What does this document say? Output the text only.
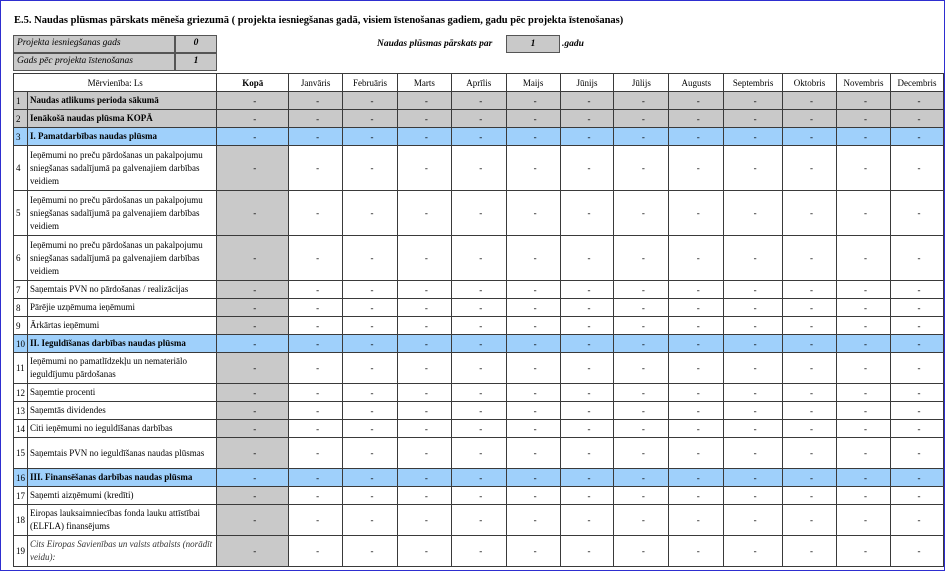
E.5. Naudas plūsmas pārskats mēneša griezumā ( projekta iesniegšanas gadā, visiem īstenošanas gadiem, gadu pēc projekta īstenošanas)
Projekta iesniegšanas gads	0
Gads pēc projekta īstenošanas	1
Naudas plūsmas pārskats par	1	.gadu
Mērvienība: Ls		Kopā	Janvāris	Februāris	Marts	Aprīlis	Maijs	Jūnijs	Jūlijs	Augusts	Septembris	Oktobris	Novembris	Decembris
1	Naudas atlikums perioda sākumā	-	-	-	-	-	-	-	-	-	-	-	-	-
2	Ienākošā naudas plūsma KOPĀ	-	-	-	-	-	-	-	-	-	-	-	-	-
3	I. Pamatdarbības naudas plūsma	-	-	-	-	-	-	-	-	-	-	-	-	-
4	Ieņēmumi no preču pārdošanas un pakalpojumu sniegšanas sadalījumā pa galvenajiem darbības veidiem	-	-	-	-	-	-	-	-	-	-	-	-	-
5	Ieņēmumi no preču pārdošanas un pakalpojumu sniegšanas sadalījumā pa galvenajiem darbības veidiem	-	-	-	-	-	-	-	-	-	-	-	-	-
6	Ieņēmumi no preču pārdošanas un pakalpojumu sniegšanas sadalījumā pa galvenajiem darbības veidiem	-	-	-	-	-	-	-	-	-	-	-	-	-
7	Saņemtais PVN no pārdošanas / realizācijas	-	-	-	-	-	-	-	-	-	-	-	-	-
8	Pārējie uzņēmuma ieņēmumi	-	-	-	-	-	-	-	-	-	-	-	-	-
9	Ārkārtas ieņēmumi	-	-	-	-	-	-	-	-	-	-	-	-	-
10	II. Ieguldīšanas darbības naudas plūsma	-	-	-	-	-	-	-	-	-	-	-	-	-
11	Ieņēmumi no pamatlīdzekļu un nemateriālo ieguldījumu pārdošanas	-	-	-	-	-	-	-	-	-	-	-	-	-
12	Saņemtie procenti	-	-	-	-	-	-	-	-	-	-	-	-	-
13	Saņemtās dividendes	-	-	-	-	-	-	-	-	-	-	-	-	-
14	Citi ieņēmumi no ieguldīšanas darbības	-	-	-	-	-	-	-	-	-	-	-	-	-
15	Saņemtais PVN no ieguldīšanas naudas plūsmas	-	-	-	-	-	-	-	-	-	-	-	-	-
16	III. Finansēšanas darbības naudas plūsma	-	-	-	-	-	-	-	-	-	-	-	-	-
17	Saņemti aizņēmumi (kredīti)	-	-	-	-	-	-	-	-	-	-	-	-	-
18	Eiropas lauksaimniecības fonda lauku attīstībai (ELFLA) finansējums	-	-	-	-	-	-	-	-	-	-	-	-	-
19	Cits Eiropas Savienības un valsts atbalsts (norādīt veidu):	-	-	-	-	-	-	-	-	-	-	-	-	-
